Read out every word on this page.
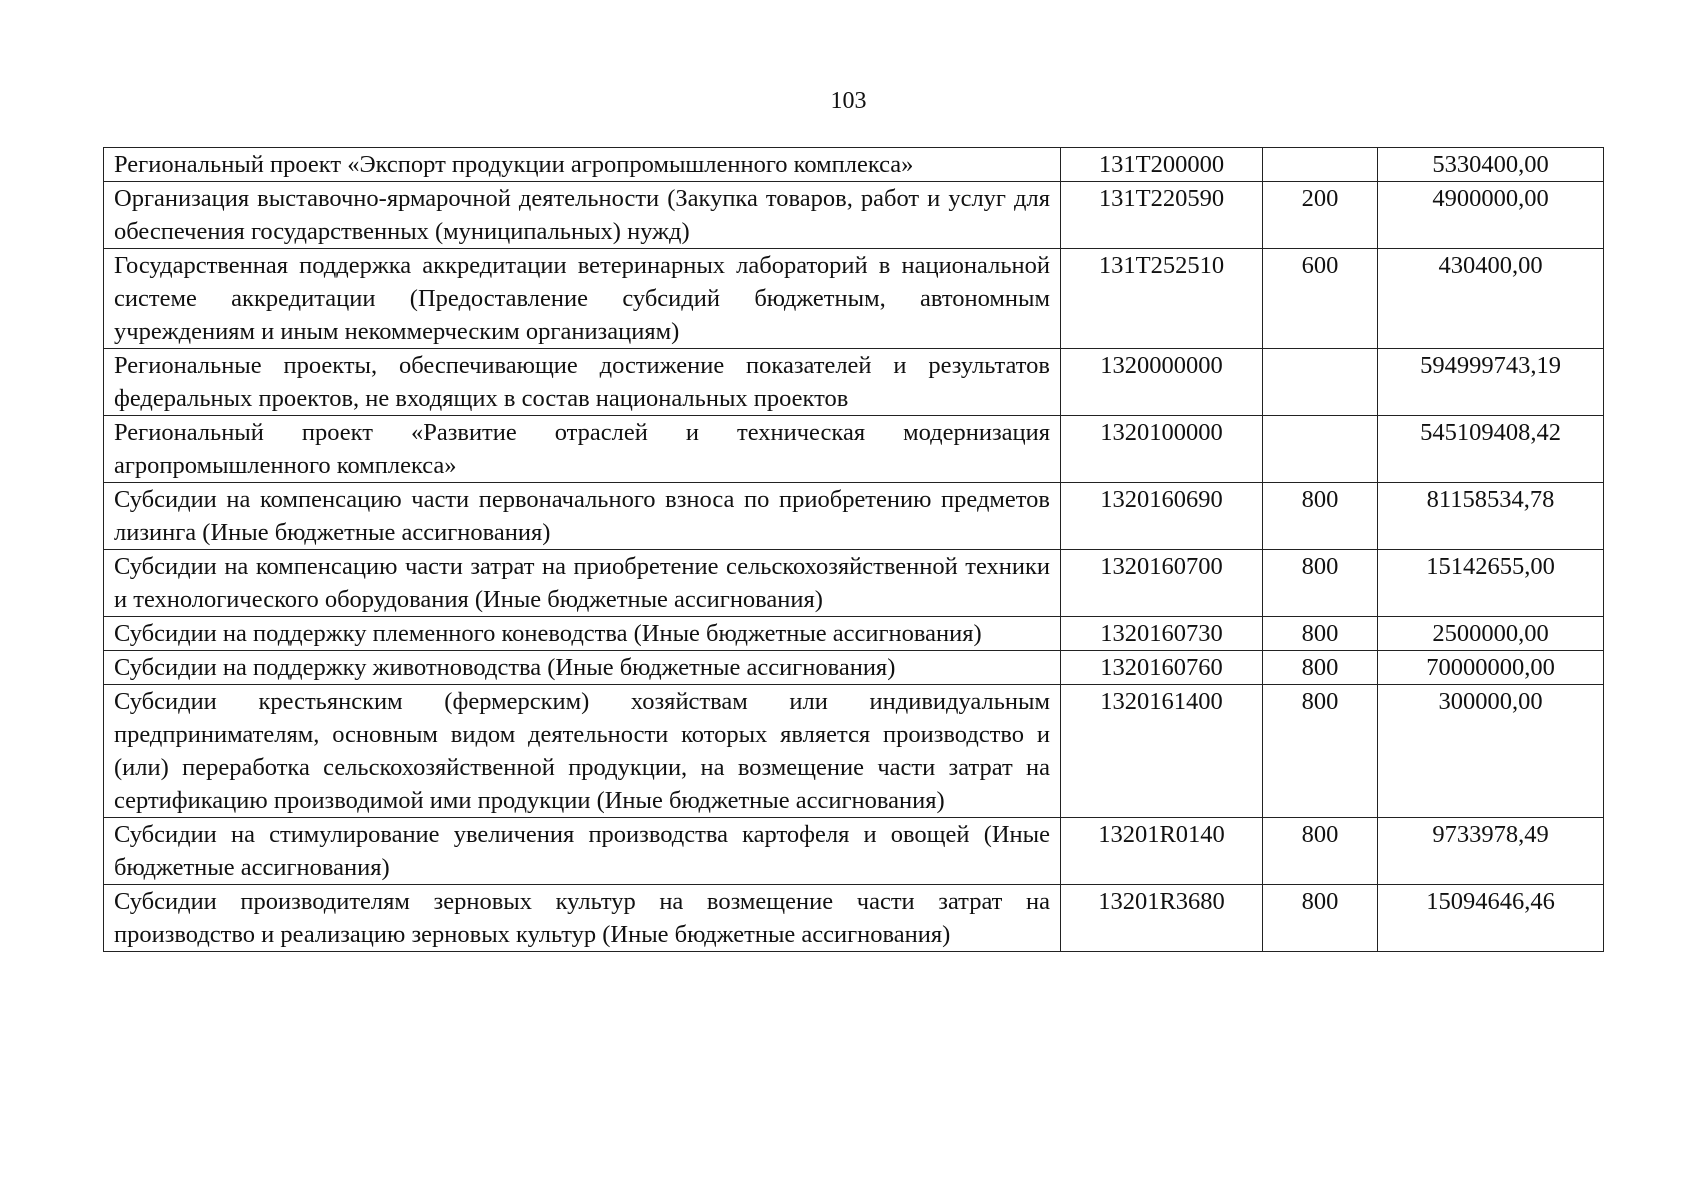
103
Региональный проект «Экспорт продукции агропромышленного комплекса»	131T200000		5330400,00
Организация выставочно-ярмарочной деятельности (Закупка товаров, работ и услуг для обеспечения государственных (муниципальных) нужд)	131T220590	200	4900000,00
Государственная поддержка аккредитации ветеринарных лабораторий в национальной системе аккредитации (Предоставление субсидий бюджетным, автономным учреждениям и иным некоммерческим организациям)	131T252510	600	430400,00
Региональные проекты, обеспечивающие достижение показателей и результатов федеральных проектов, не входящих в состав национальных проектов	1320000000		594999743,19
Региональный проект «Развитие отраслей и техническая модернизация агропромышленного комплекса»	1320100000		545109408,42
Субсидии на компенсацию части первоначального взноса по приобретению предметов лизинга (Иные бюджетные ассигнования)	1320160690	800	81158534,78
Субсидии на компенсацию части затрат на приобретение сельскохозяйственной техники и технологического оборудования (Иные бюджетные ассигнования)	1320160700	800	15142655,00
Субсидии на поддержку племенного коневодства (Иные бюджетные ассигнования)	1320160730	800	2500000,00
Субсидии на поддержку животноводства (Иные бюджетные ассигнования)	1320160760	800	70000000,00
Субсидии крестьянским (фермерским) хозяйствам или индивидуальным предпринимателям, основным видом деятельности которых является производство и (или) переработка сельскохозяйственной продукции, на возмещение части затрат на сертификацию производимой ими продукции (Иные бюджетные ассигнования)	1320161400	800	300000,00
Субсидии на стимулирование увеличения производства картофеля и овощей (Иные бюджетные ассигнования)	13201R0140	800	9733978,49
Субсидии производителям зерновых культур на возмещение части затрат на производство и реализацию зерновых культур (Иные бюджетные ассигнования)	13201R3680	800	15094646,46
